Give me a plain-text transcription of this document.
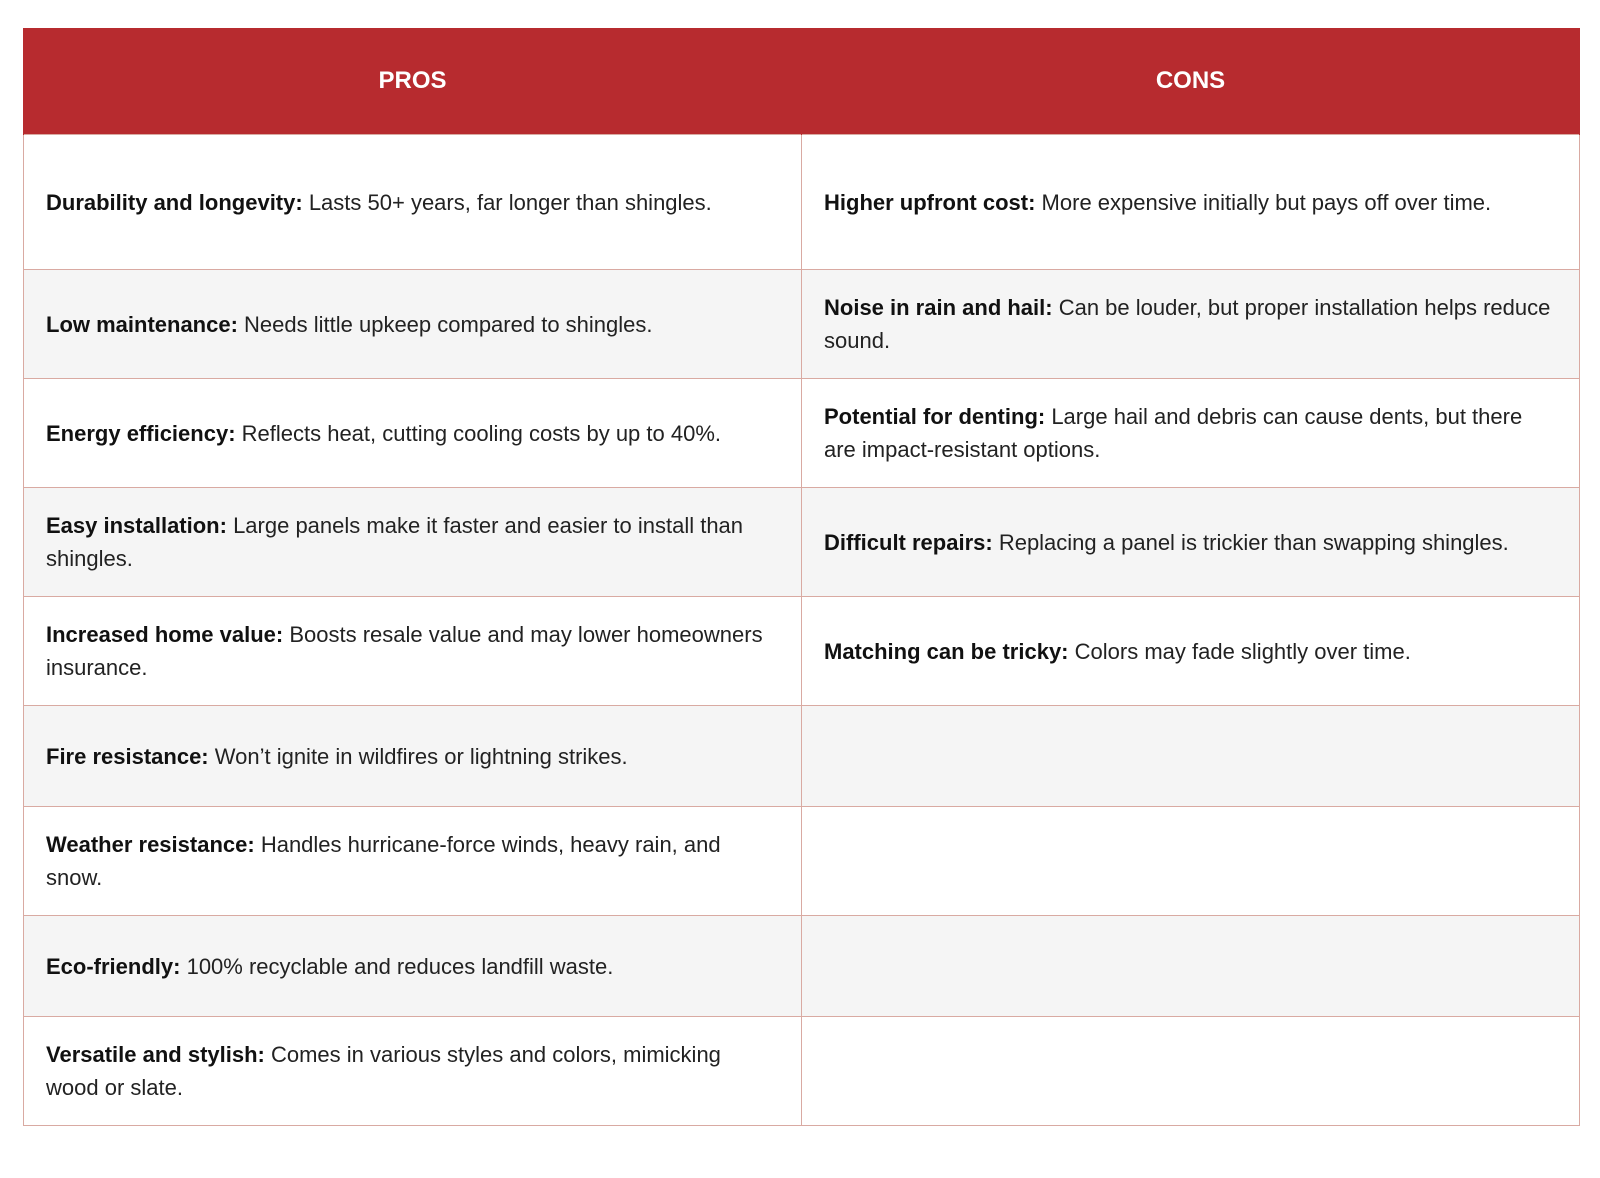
PROS	CONS
Durability and longevity: Lasts 50+ years, far longer than shingles.	Higher upfront cost: More expensive initially but pays off over time.
Low maintenance: Needs little upkeep compared to shingles.	Noise in rain and hail: Can be louder, but proper installation helps reduce sound.
Energy efficiency: Reflects heat, cutting cooling costs by up to 40%.	Potential for denting: Large hail and debris can cause dents, but there are impact-resistant options.
Easy installation: Large panels make it faster and easier to install than shingles.	Difficult repairs: Replacing a panel is trickier than swapping shingles.
Increased home value: Boosts resale value and may lower homeowners insurance.	Matching can be tricky: Colors may fade slightly over time.
Fire resistance: Won’t ignite in wildfires or lightning strikes.	
Weather resistance: Handles hurricane-force winds, heavy rain, and snow.	
Eco-friendly: 100% recyclable and reduces landfill waste.	
Versatile and stylish: Comes in various styles and colors, mimicking wood or slate.	
